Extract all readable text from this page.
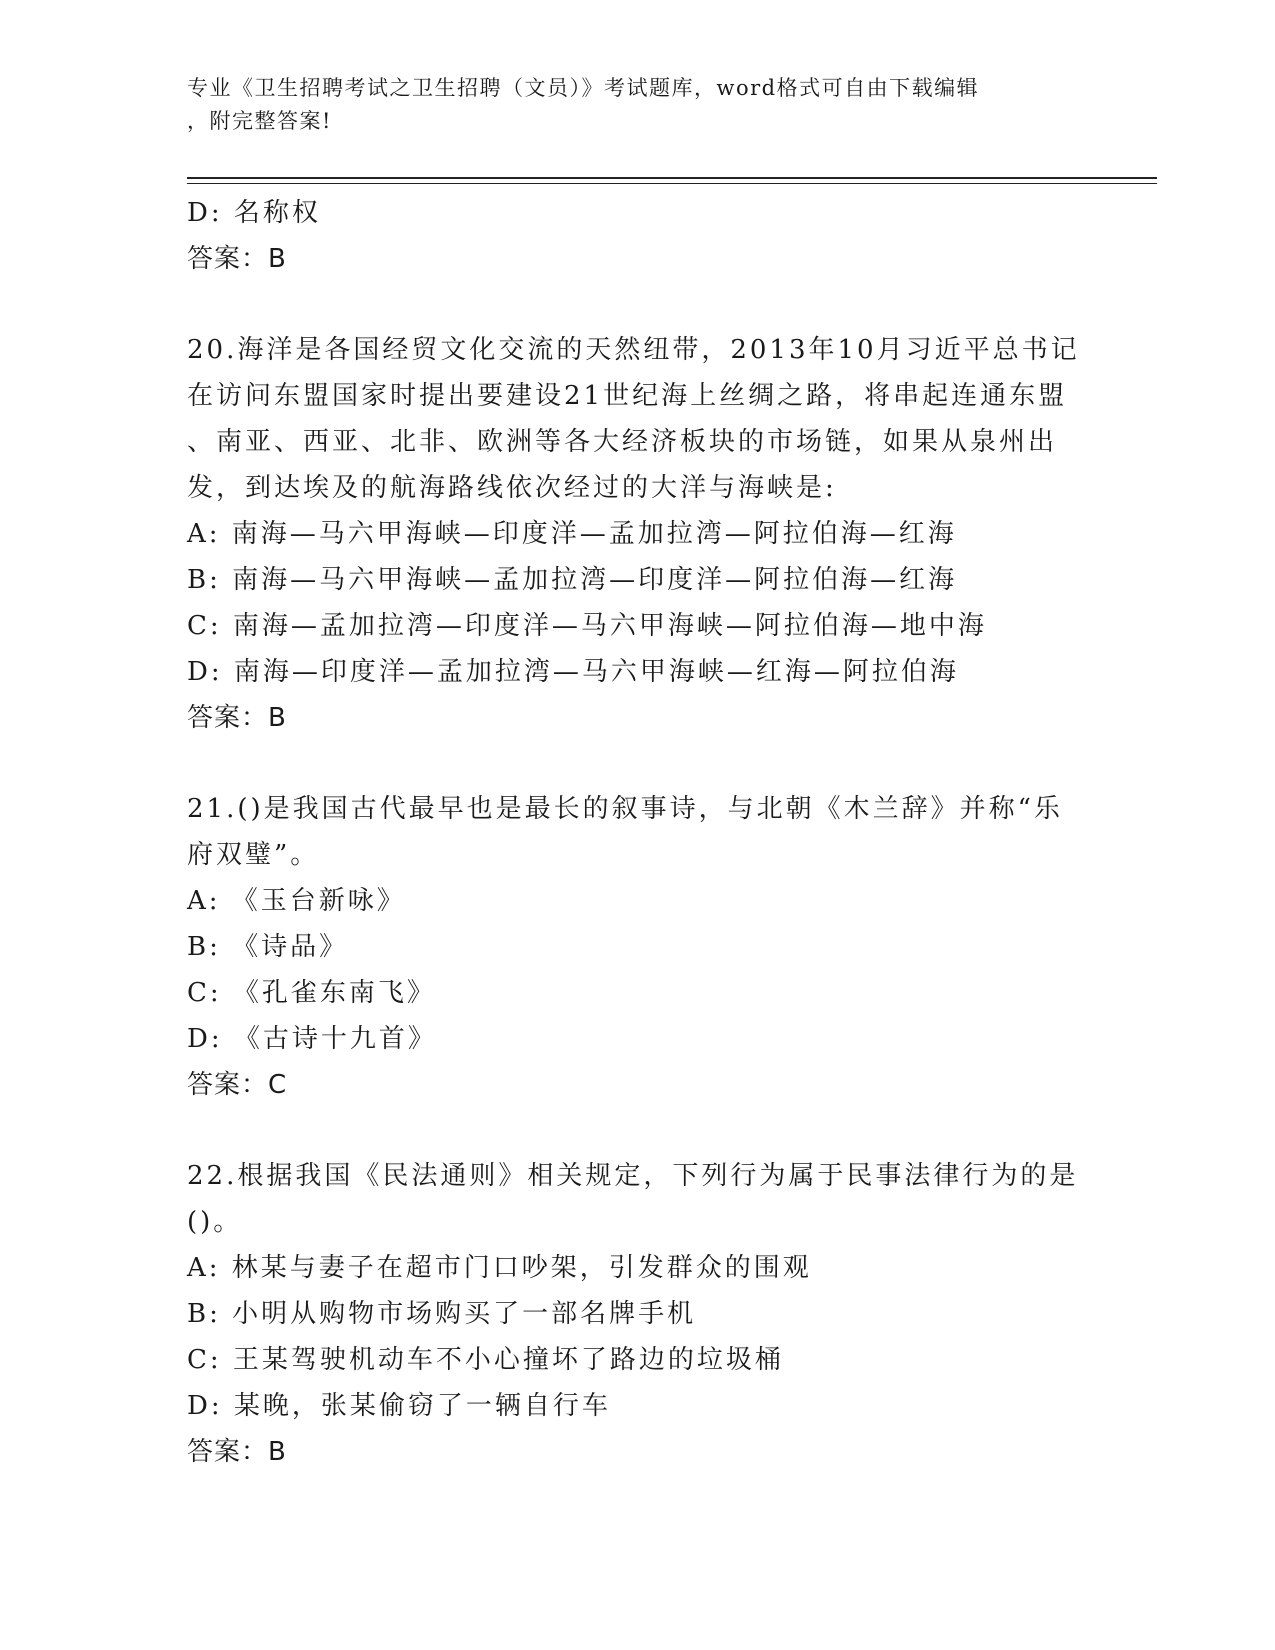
专业《卫生招聘考试之卫生招聘（文员）》考试题库，word格式可自由下载编辑
，附完整答案!
D: 名称权
答案：B
20.海洋是各国经贸文化交流的天然纽带，2013年10月习近平总书记
在访问东盟国家时提出要建设21世纪海上丝绸之路，将串起连通东盟
、南亚、西亚、北非、欧洲等各大经济板块的市场链，如果从泉州出
发，到达埃及的航海路线依次经过的大洋与海峡是:
A: 南海—马六甲海峡—印度洋—孟加拉湾—阿拉伯海—红海
B: 南海—马六甲海峡—孟加拉湾—印度洋—阿拉伯海—红海
C: 南海—孟加拉湾—印度洋—马六甲海峡—阿拉伯海—地中海
D: 南海—印度洋—孟加拉湾—马六甲海峡—红海—阿拉伯海
答案：B
21.()是我国古代最早也是最长的叙事诗，与北朝《木兰辞》并称“乐
府双璧”。
A: 《玉台新咏》
B: 《诗品》
C: 《孔雀东南飞》
D: 《古诗十九首》
答案：C
22.根据我国《民法通则》相关规定，下列行为属于民事法律行为的是
()。
A: 林某与妻子在超市门口吵架，引发群众的围观
B: 小明从购物市场购买了一部名牌手机
C: 王某驾驶机动车不小心撞坏了路边的垃圾桶
D: 某晚，张某偷窃了一辆自行车
答案：B
